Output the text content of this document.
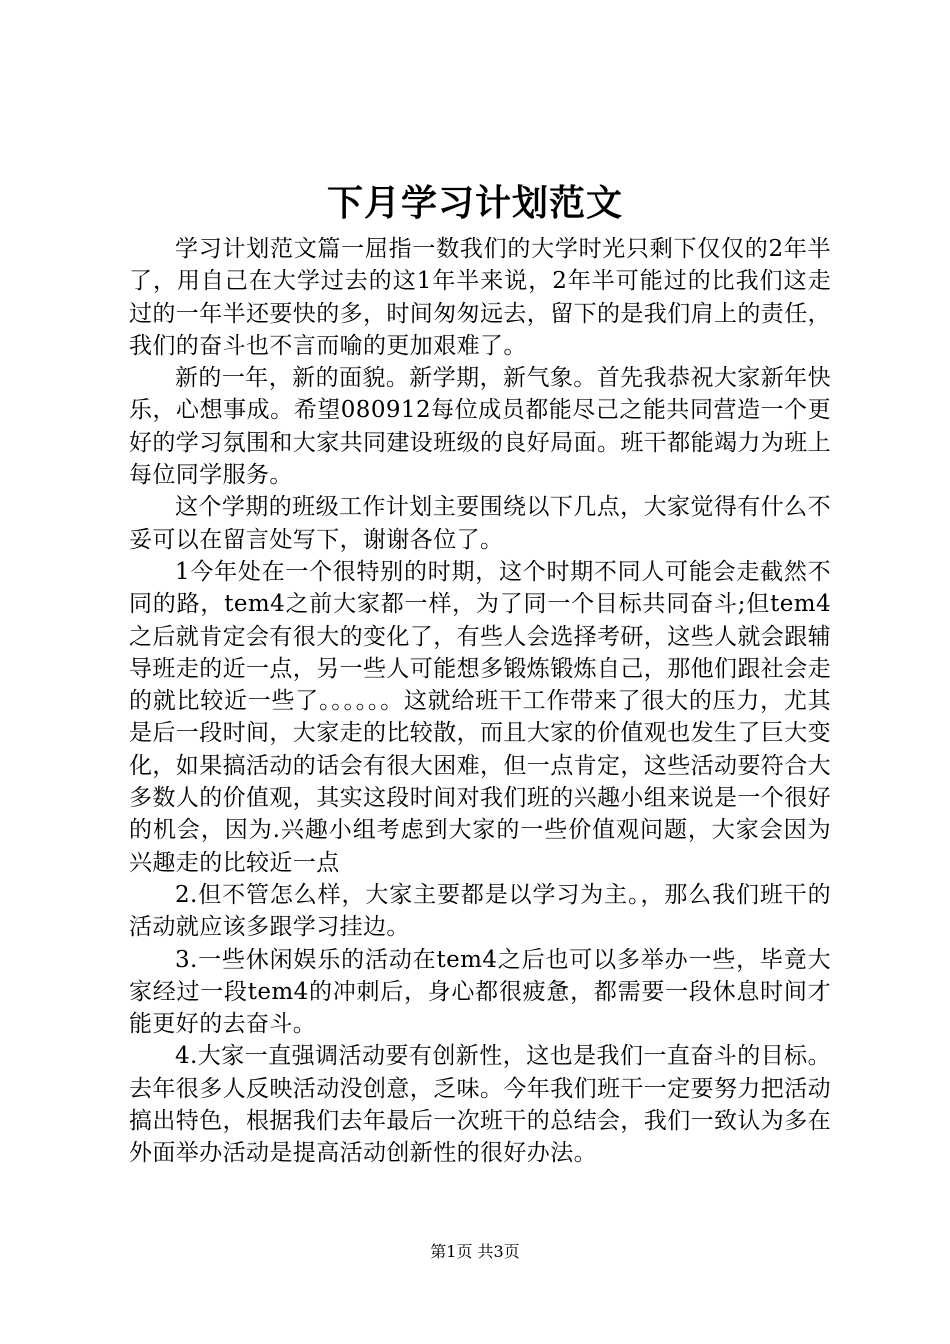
下月学习计划范文

学习计划范文篇一屈指一数我们的大学时光只剩下仅仅的2年半了，用自己在大学过去的这1年半来说，2年半可能过的比我们这走过的一年半还要快的多，时间匆匆远去，留下的是我们肩上的责任，我们的奋斗也不言而喻的更加艰难了。

新的一年，新的面貌。新学期，新气象。首先我恭祝大家新年快乐，心想事成。希望080912每位成员都能尽己之能共同营造一个更好的学习氛围和大家共同建设班级的良好局面。班干都能竭力为班上每位同学服务。

这个学期的班级工作计划主要围绕以下几点，大家觉得有什么不妥可以在留言处写下，谢谢各位了。

1今年处在一个很特别的时期，这个时期不同人可能会走截然不同的路，tem4之前大家都一样，为了同一个目标共同奋斗;但tem4之后就肯定会有很大的变化了，有些人会选择考研，这些人就会跟辅导班走的近一点，另一些人可能想多锻炼锻炼自己，那他们跟社会走的就比较近一些了。。。。。。这就给班干工作带来了很大的压力，尤其是后一段时间，大家走的比较散，而且大家的价值观也发生了巨大变化，如果搞活动的话会有很大困难，但一点肯定，这些活动要符合大多数人的价值观，其实这段时间对我们班的兴趣小组来说是一个很好的机会，因为.兴趣小组考虑到大家的一些价值观问题，大家会因为兴趣走的比较近一点

2.但不管怎么样，大家主要都是以学习为主。，那么我们班干的活动就应该多跟学习挂边。

3.一些休闲娱乐的活动在tem4之后也可以多举办一些，毕竟大家经过一段tem4的冲刺后，身心都很疲惫，都需要一段休息时间才能更好的去奋斗。

4.大家一直强调活动要有创新性，这也是我们一直奋斗的目标。去年很多人反映活动没创意，乏味。今年我们班干一定要努力把活动搞出特色，根据我们去年最后一次班干的总结会，我们一致认为多在外面举办活动是提高活动创新性的很好办法。

第1页 共3页
